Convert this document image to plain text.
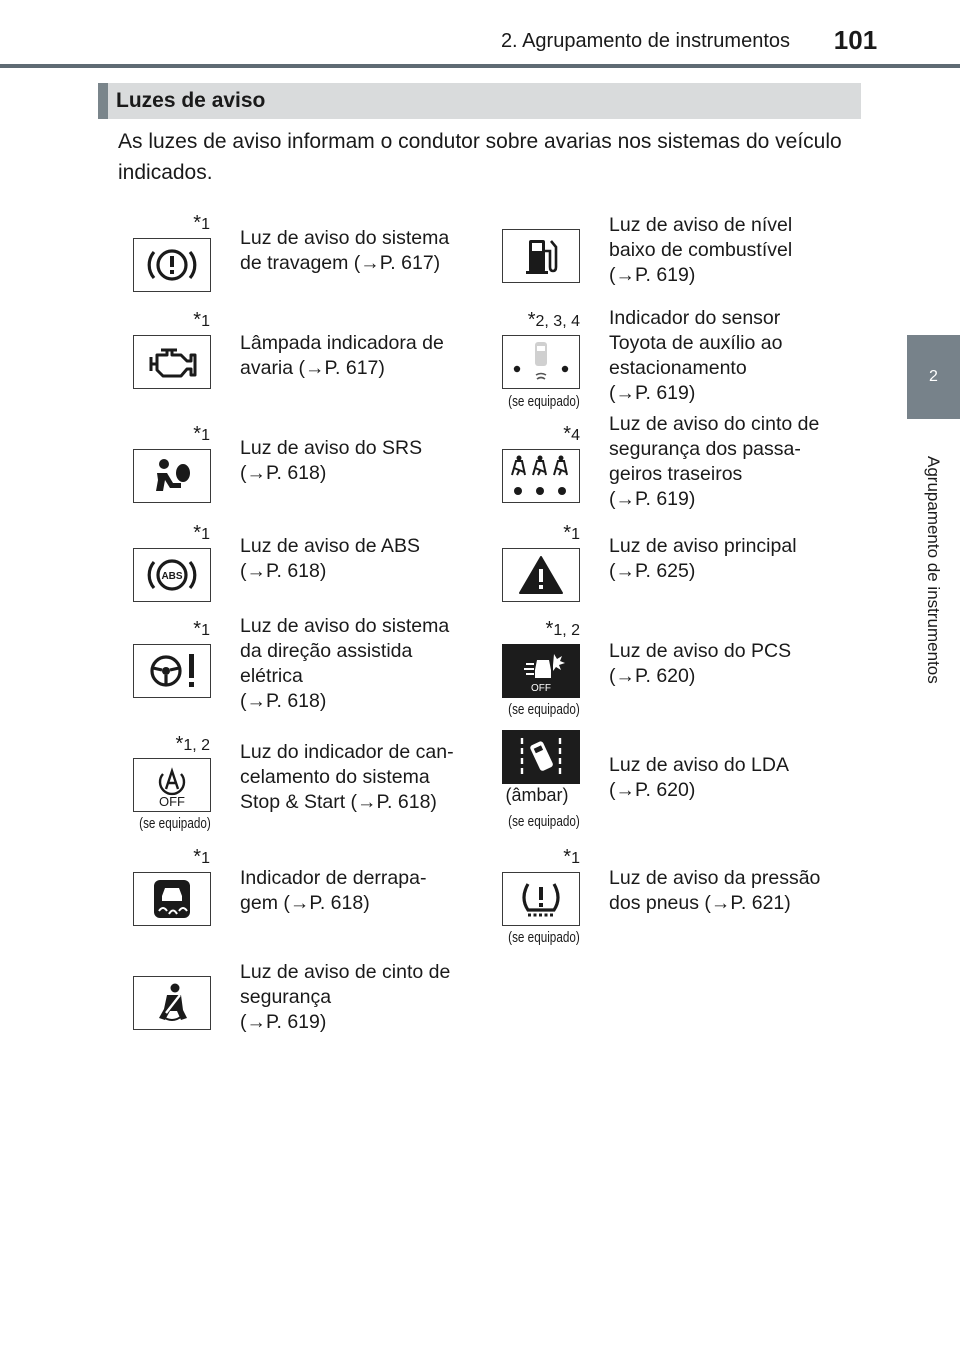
2. Agrupamento de instrumentos	101
2
Agrupamento de instrumentos
Luzes de aviso
As luzes de aviso informam o condutor sobre avarias nos sistemas do veículo indicados.
*1
Luz de aviso do sistema
de travagem (→P. 617)
Luz de aviso de nível
baixo de combustível
(→P. 619)
*1
Lâmpada indicadora de
avaria (→P. 617)
*2, 3, 4
(se equipado)
Indicador do sensor
Toyota de auxílio ao
estacionamento
(→P. 619)
*1
Luz de aviso do SRS
(→P. 618)
*4
Luz de aviso do cinto de
segurança dos passa-
geiros traseiros
(→P. 619)
*1
ABS
Luz de aviso de ABS
(→P. 618)
*1
Luz de aviso principal
(→P. 625)
*1 Luz de aviso do sistema
da direção assistida
elétrica
(→P. 618)
*1, 2
OFF
(se equipado)
Luz de aviso do PCS
(→P. 620)
*1, 2
OFF
(se equipado)
Luz do indicador de can-
celamento do sistema
Stop & Start (→P. 618)	(âmbar)
(se equipado)
Luz de aviso do LDA
(→P. 620)
*1
Indicador de derrapa-
gem (→P. 618)
*1
(se equipado)
Luz de aviso da pressão
dos pneus (→P. 621)
Luz de aviso de cinto de
segurança
(→P. 619)
